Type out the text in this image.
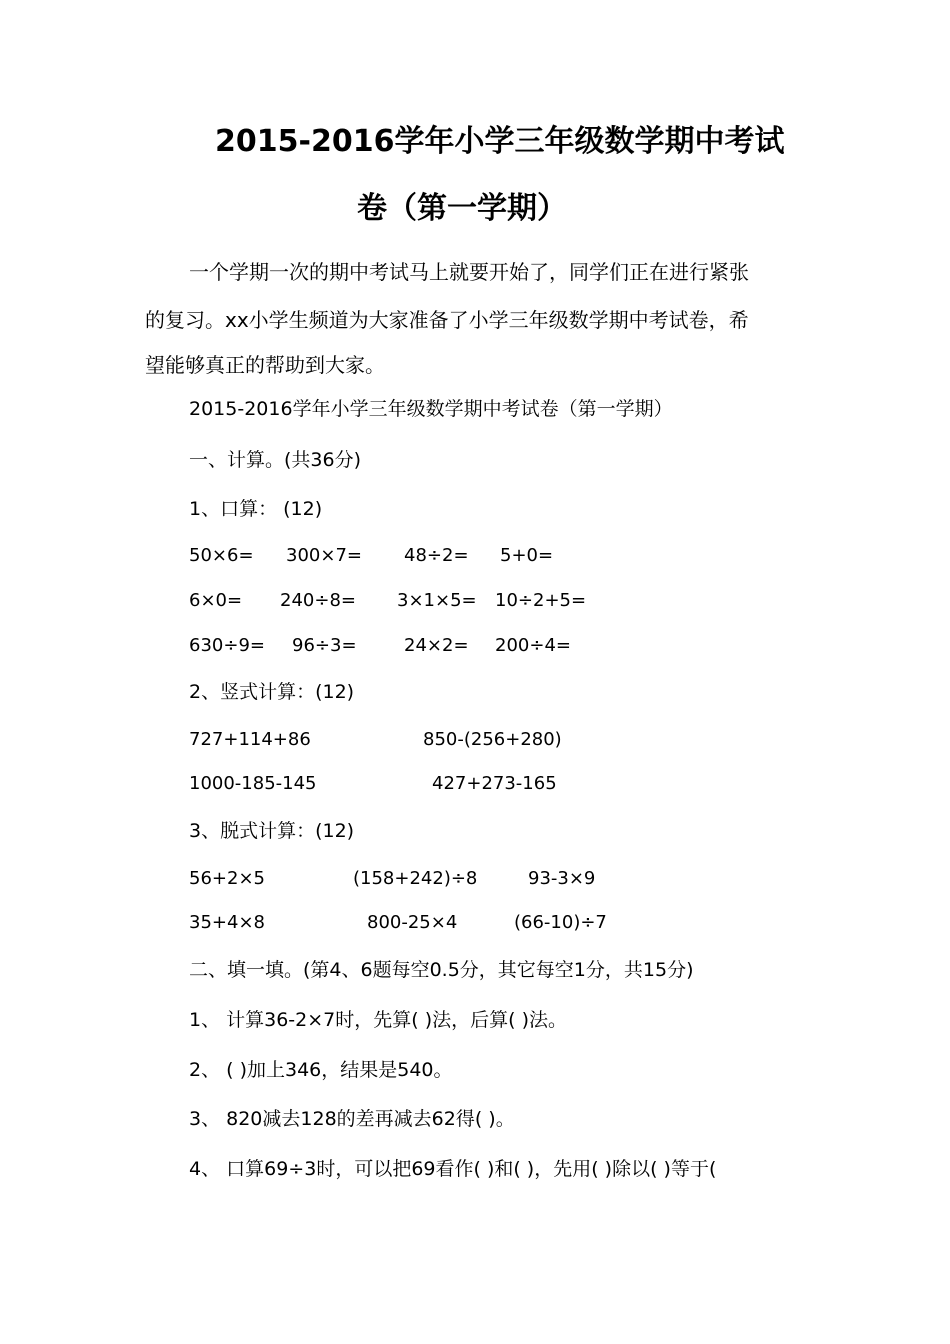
2015-2016学年小学三年级数学期中考试
卷（第一学期）
一个学期一次的期中考试马上就要开始了，同学们正在进行紧张
的复习。xx小学生频道为大家准备了小学三年级数学期中考试卷，希
望能够真正的帮助到大家。
2015-2016学年小学三年级数学期中考试卷（第一学期）
一、计算。(共36分)
1、口算： (12)
50×6= 300×7= 48÷2= 5+0=
6×0= 240÷8= 3×1×5= 10÷2+5=
630÷9= 96÷3=	24×2= 200÷4=
2、竖式计算：(12)
727+114+86	850-(256+280)
1000-185-145	427+273-165
3、脱式计算：(12)
56+2×5	(158+242)÷8	93-3×9
35+4×8	800-25×4	(66-10)÷7
二、填一填。(第4、6题每空0.5分，其它每空1分，共15分)
1、 计算36-2×7时，先算( )法，后算( )法。
2、 ( )加上346，结果是540。
3、 820减去128的差再减去62得( )。
4、 口算69÷3时，可以把69看作( )和( )，先用( )除以( )等于(
